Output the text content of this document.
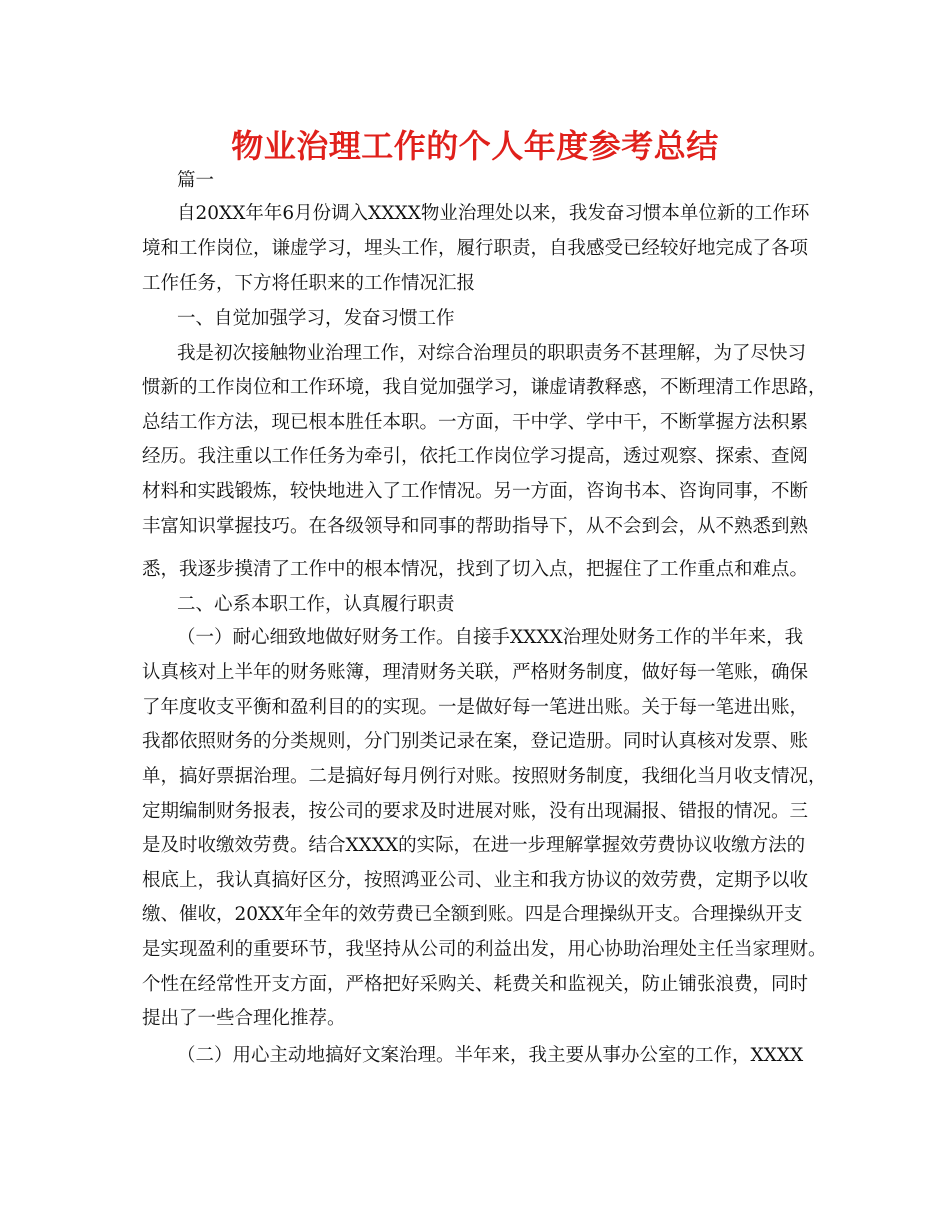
物业治理工作的个人年度参考总结
篇一
自20XX年年6月份调入XXXX物业治理处以来，我发奋习惯本单位新的工作环
境和工作岗位，谦虚学习，埋头工作，履行职责，自我感受已经较好地完成了各项
工作任务，下方将任职来的工作情况汇报
一、自觉加强学习，发奋习惯工作
我是初次接触物业治理工作，对综合治理员的职职责务不甚理解，为了尽快习
惯新的工作岗位和工作环境，我自觉加强学习，谦虚请教释惑，不断理清工作思路，
总结工作方法，现已根本胜任本职。一方面，干中学、学中干，不断掌握方法积累
经历。我注重以工作任务为牵引，依托工作岗位学习提高，透过观察、探索、查阅
材料和实践锻炼，较快地进入了工作情况。另一方面，咨询书本、咨询同事，不断
丰富知识掌握技巧。在各级领导和同事的帮助指导下，从不会到会，从不熟悉到熟
悉，我逐步摸清了工作中的根本情况，找到了切入点，把握住了工作重点和难点。
二、心系本职工作，认真履行职责
（一）耐心细致地做好财务工作。自接手XXXX治理处财务工作的半年来，我
认真核对上半年的财务账簿，理清财务关联，严格财务制度，做好每一笔账，确保
了年度收支平衡和盈利目的的实现。一是做好每一笔进出账。关于每一笔进出账，
我都依照财务的分类规则，分门别类记录在案，登记造册。同时认真核对发票、账
单，搞好票据治理。二是搞好每月例行对账。按照财务制度，我细化当月收支情况，
定期编制财务报表，按公司的要求及时进展对账，没有出现漏报、错报的情况。三
是及时收缴效劳费。结合XXXX的实际，在进一步理解掌握效劳费协议收缴方法的
根底上，我认真搞好区分，按照鸿亚公司、业主和我方协议的效劳费，定期予以收
缴、催收，20XX年全年的效劳费已全额到账。四是合理操纵开支。合理操纵开支
是实现盈利的重要环节，我坚持从公司的利益出发，用心协助治理处主任当家理财。
个性在经常性开支方面，严格把好采购关、耗费关和监视关，防止铺张浪费，同时
提出了一些合理化推荐。
（二）用心主动地搞好文案治理。半年来，我主要从事办公室的工作，XXXX
